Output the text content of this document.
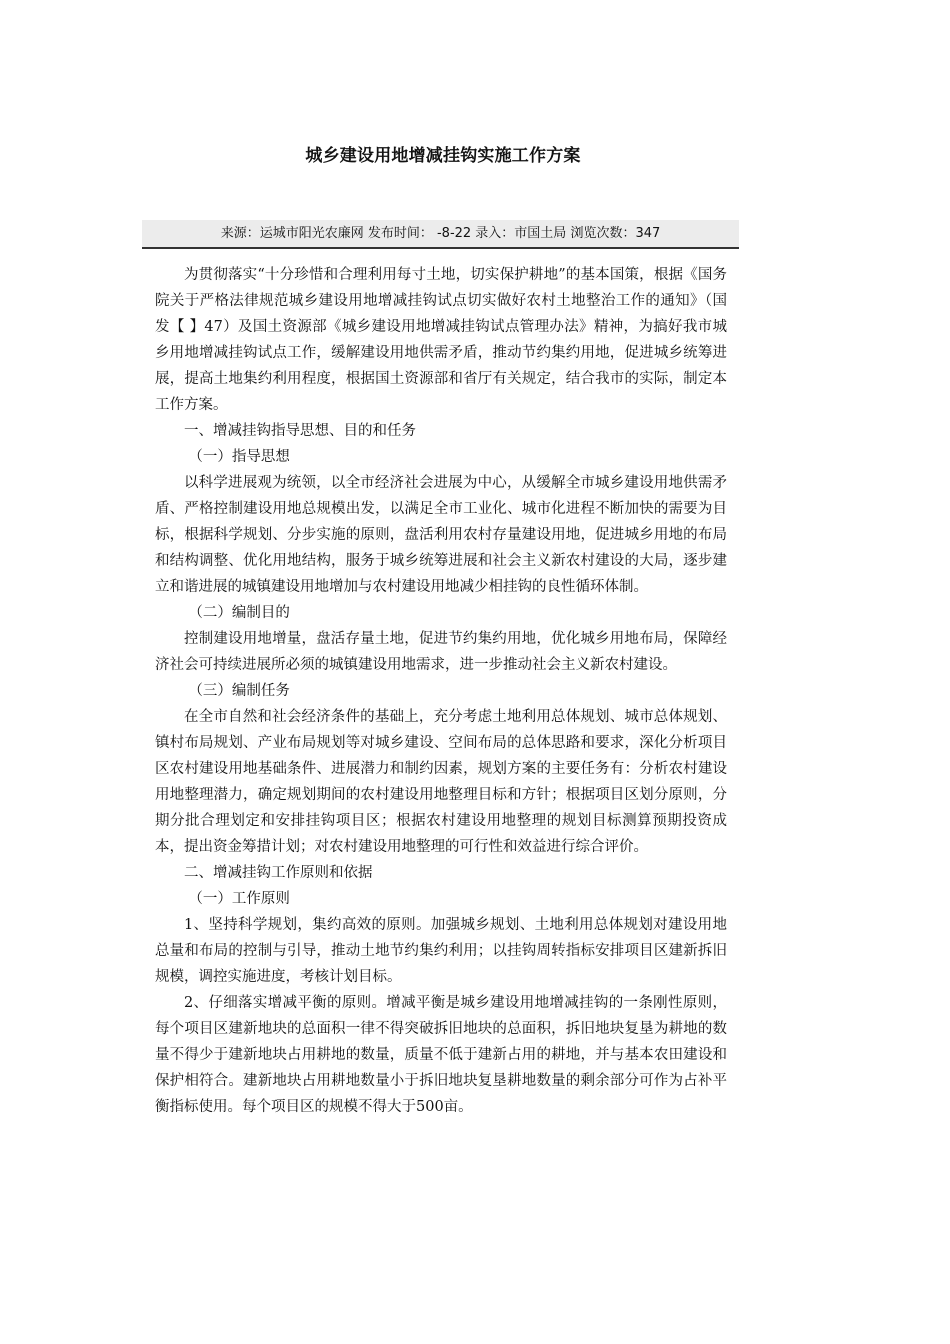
城乡建设用地增减挂钩实施工作方案
来源：运城市阳光农廉网 发布时间： -8-22 录入：市国土局 浏览次数：347

为贯彻落实“十分珍惜和合理利用每寸土地，切实保护耕地”的基本国策，根据《国务院关于严格法律规范城乡建设用地增减挂钩试点切实做好农村土地整治工作的通知》（国发【 】47）及国土资源部《城乡建设用地增减挂钩试点管理办法》精神，为搞好我市城乡用地增减挂钩试点工作，缓解建设用地供需矛盾，推动节约集约用地，促进城乡统筹进展，提高土地集约利用程度，根据国土资源部和省厅有关规定，结合我市的实际，制定本工作方案。

一、增减挂钩指导思想、目的和任务

（一）指导思想

以科学进展观为统领，以全市经济社会进展为中心，从缓解全市城乡建设用地供需矛盾、严格控制建设用地总规模出发，以满足全市工业化、城市化进程不断加快的需要为目标，根据科学规划、分步实施的原则，盘活利用农村存量建设用地，促进城乡用地的布局和结构调整、优化用地结构，服务于城乡统筹进展和社会主义新农村建设的大局，逐步建立和谐进展的城镇建设用地增加与农村建设用地减少相挂钩的良性循环体制。

（二）编制目的

控制建设用地增量，盘活存量土地，促进节约集约用地，优化城乡用地布局，保障经济社会可持续进展所必须的城镇建设用地需求，进一步推动社会主义新农村建设。

（三）编制任务

在全市自然和社会经济条件的基础上，充分考虑土地利用总体规划、城市总体规划、镇村布局规划、产业布局规划等对城乡建设、空间布局的总体思路和要求，深化分析项目区农村建设用地基础条件、进展潜力和制约因素，规划方案的主要任务有：分析农村建设用地整理潜力，确定规划期间的农村建设用地整理目标和方针；根据项目区划分原则，分期分批合理划定和安排挂钩项目区；根据农村建设用地整理的规划目标测算预期投资成本，提出资金筹措计划；对农村建设用地整理的可行性和效益进行综合评价。

二、增减挂钩工作原则和依据

（一）工作原则

1、坚持科学规划，集约高效的原则。加强城乡规划、土地利用总体规划对建设用地总量和布局的控制与引导，推动土地节约集约利用；以挂钩周转指标安排项目区建新拆旧规模，调控实施进度，考核计划目标。

2、仔细落实增减平衡的原则。增减平衡是城乡建设用地增减挂钩的一条刚性原则，每个项目区建新地块的总面积一律不得突破拆旧地块的总面积，拆旧地块复垦为耕地的数量不得少于建新地块占用耕地的数量，质量不低于建新占用的耕地，并与基本农田建设和保护相符合。建新地块占用耕地数量小于拆旧地块复垦耕地数量的剩余部分可作为占补平衡指标使用。每个项目区的规模不得大于500亩。
